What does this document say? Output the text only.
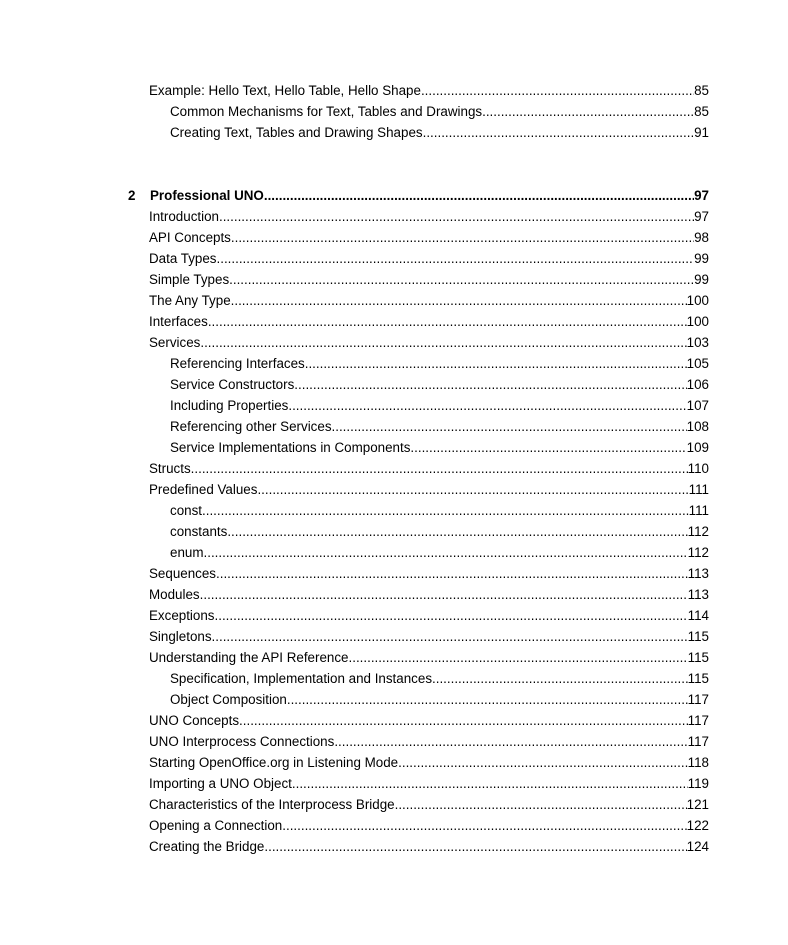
Example: Hello Text, Hello Table, Hello Shape .....	85
Common Mechanisms for Text, Tables and Drawings .....	85
Creating Text, Tables and Drawing Shapes .....	91
2	Professional UNO .....	97
Introduction .....	97
API Concepts .....	98
Data Types .....	99
Simple Types .....	99
The Any Type .....	100
Interfaces .....	100
Services .....	103
Referencing Interfaces .....	105
Service Constructors .....	106
Including Properties .....	107
Referencing other Services .....	108
Service Implementations in Components .....	109
Structs .....	110
Predefined Values .....	111
const .....	111
constants .....	112
enum .....	112
Sequences .....	113
Modules .....	113
Exceptions .....	114
Singletons .....	115
Understanding the API Reference .....	115
Specification, Implementation and Instances .....	115
Object Composition .....	117
UNO Concepts .....	117
UNO Interprocess Connections .....	117
Starting OpenOffice.org in Listening Mode .....	118
Importing a UNO Object .....	119
Characteristics of the Interprocess Bridge .....	121
Opening a Connection .....	122
Creating the Bridge .....	124
